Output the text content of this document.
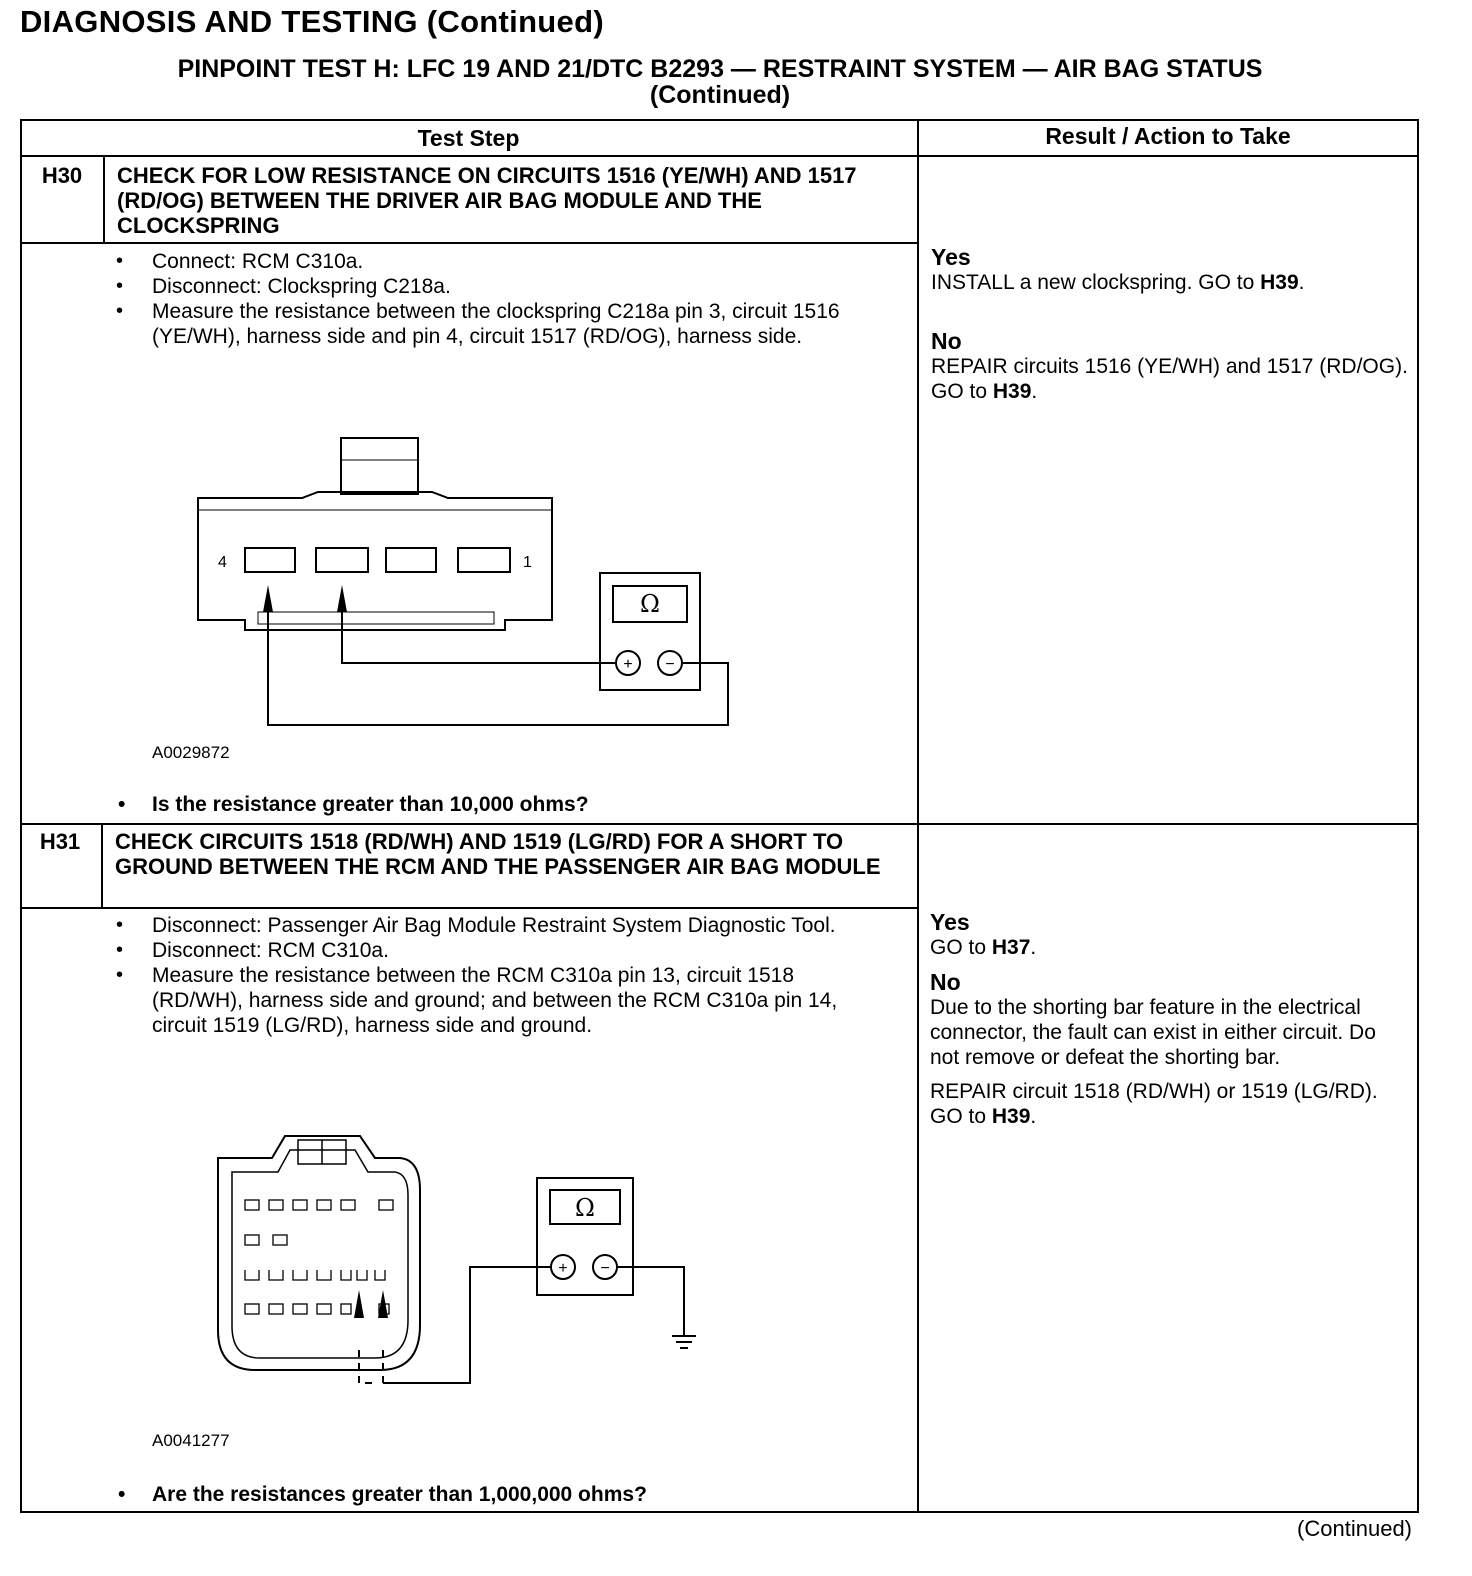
DIAGNOSIS AND TESTING (Continued)
PINPOINT TEST H: LFC 19 AND 21/DTC B2293 — RESTRAINT SYSTEM — AIR BAG STATUS
(Continued)
Test Step	Result / Action to Take
H30	CHECK FOR LOW RESISTANCE ON CIRCUITS 1516 (YE/WH) AND 1517 (RD/OG) BETWEEN THE DRIVER AIR BAG MODULE AND THE CLOCKSPRING
• Connect: RCM C310a.
• Disconnect: Clockspring C218a.
• Measure the resistance between the clockspring C218a pin 3, circuit 1516 (YE/WH), harness side and pin 4, circuit 1517 (RD/OG), harness side.
4	1
Ω
+ −
A0029872
• Is the resistance greater than 10,000 ohms?
Yes

INSTALL a new clockspring. GO to H39.

No

REPAIR circuits 1516 (YE/WH) and 1517 (RD/OG). GO to H39.

H31	CHECK CIRCUITS 1518 (RD/WH) AND 1519 (LG/RD) FOR A SHORT TO GROUND BETWEEN THE RCM AND THE PASSENGER AIR BAG MODULE
• Disconnect: Passenger Air Bag Module Restraint System Diagnostic Tool.
• Disconnect: RCM C310a.
• Measure the resistance between the RCM C310a pin 13, circuit 1518 (RD/WH), harness side and ground; and between the RCM C310a pin 14, circuit 1519 (LG/RD), harness side and ground.
Ω
+ −
A0041277
• Are the resistances greater than 1,000,000 ohms?
Yes

GO to H37.

No

Due to the shorting bar feature in the electrical connector, the fault can exist in either circuit. Do not remove or defeat the shorting bar.

REPAIR circuit 1518 (RD/WH) or 1519 (LG/RD). GO to H39.

(Continued)
